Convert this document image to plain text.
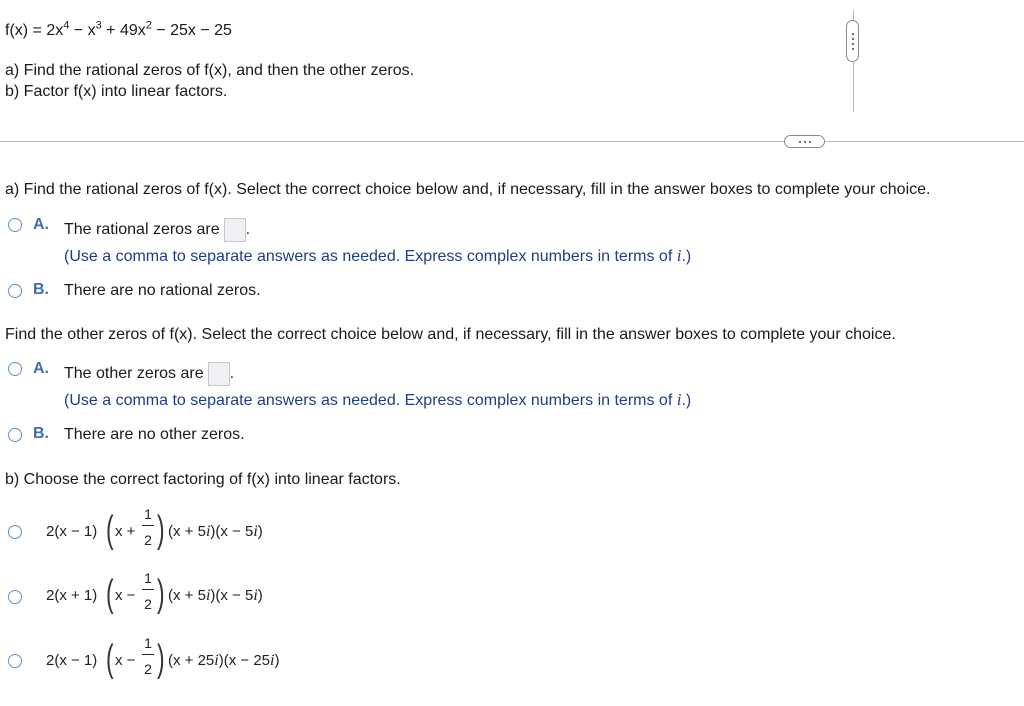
$f(x) = 2x^4 - x^3 + 49x^2 - 25x - 25$
a) Find the rational zeros of f(x), and then the other zeros.
b) Factor f(x) into linear factors.
a) Find the rational zeros of f(x). Select the correct choice below and, if necessary, fill in the answer boxes to complete your choice.
A. The rational zeros are .
(Use a comma to separate answers as needed. Express complex numbers in terms of i.)
B. There are no rational zeros.
Find the other zeros of f(x). Select the correct choice below and, if necessary, fill in the answer boxes to complete your choice.
A. The other zeros are .
(Use a comma to separate answers as needed. Express complex numbers in terms of i.)
B. There are no other zeros.
b) Choose the correct factoring of f(x) into linear factors.
2(x − 1) ( x +
1
2 ) (x + 5i)(x − 5i)
2(x + 1) ( x −
1
2 ) (x + 5i)(x − 5i)
2(x − 1) ( x −
1
2 ) (x + 25i)(x − 25i)
